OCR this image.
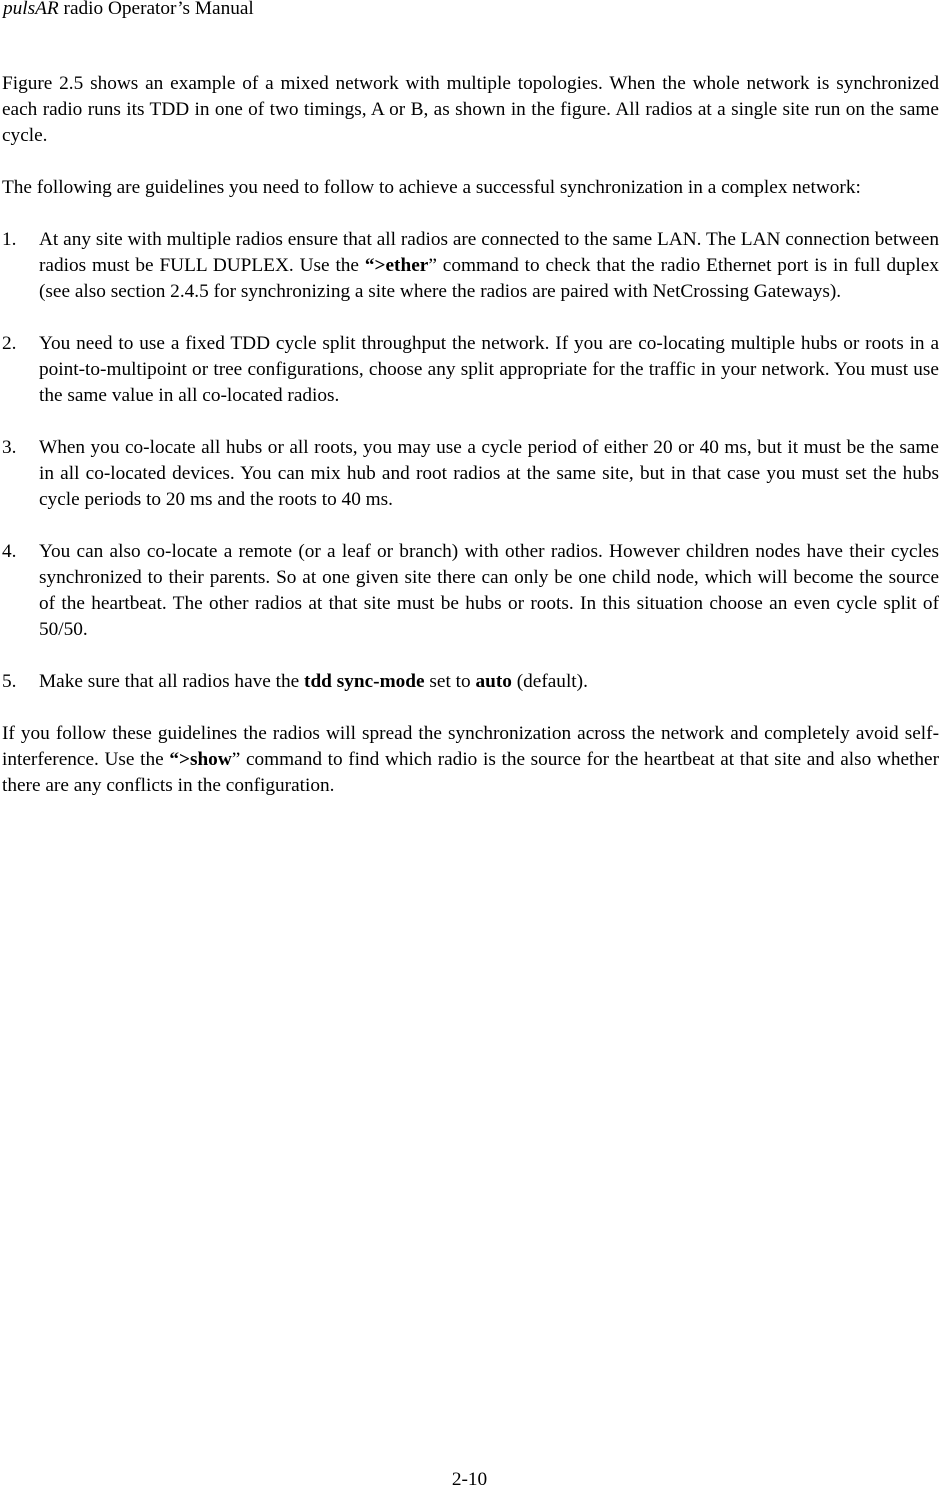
pulsAR radio Operator’s Manual

Figure 2.5 shows an example of a mixed network with multiple topologies. When the whole network is synchronized each radio runs its TDD in one of two timings, A or B, as shown in the figure. All radios at a single site run on the same cycle.

The following are guidelines you need to follow to achieve a successful synchronization in a complex network:

1. At any site with multiple radios ensure that all radios are connected to the same LAN. The LAN connection between radios must be FULL DUPLEX. Use the “>ether” command to check that the radio Ethernet port is in full duplex (see also section 2.4.5 for synchronizing a site where the radios are paired with NetCrossing Gateways).
2. You need to use a fixed TDD cycle split throughput the network. If you are co-locating multiple hubs or roots in a point-to-multipoint or tree configurations, choose any split appropriate for the traffic in your network. You must use the same value in all co-located radios.
3. When you co-locate all hubs or all roots, you may use a cycle period of either 20 or 40 ms, but it must be the same in all co-located devices. You can mix hub and root radios at the same site, but in that case you must set the hubs cycle periods to 20 ms and the roots to 40 ms.
4. You can also co-locate a remote (or a leaf or branch) with other radios. However children nodes have their cycles synchronized to their parents. So at one given site there can only be one child node, which will become the source of the heartbeat. The other radios at that site must be hubs or roots. In this situation choose an even cycle split of 50/50.
5. Make sure that all radios have the tdd sync-mode set to auto (default).

If you follow these guidelines the radios will spread the synchronization across the network and completely avoid self-interference. Use the “>show” command to find which radio is the source for the heartbeat at that site and also whether there are any conflicts in the configuration.

2-10
